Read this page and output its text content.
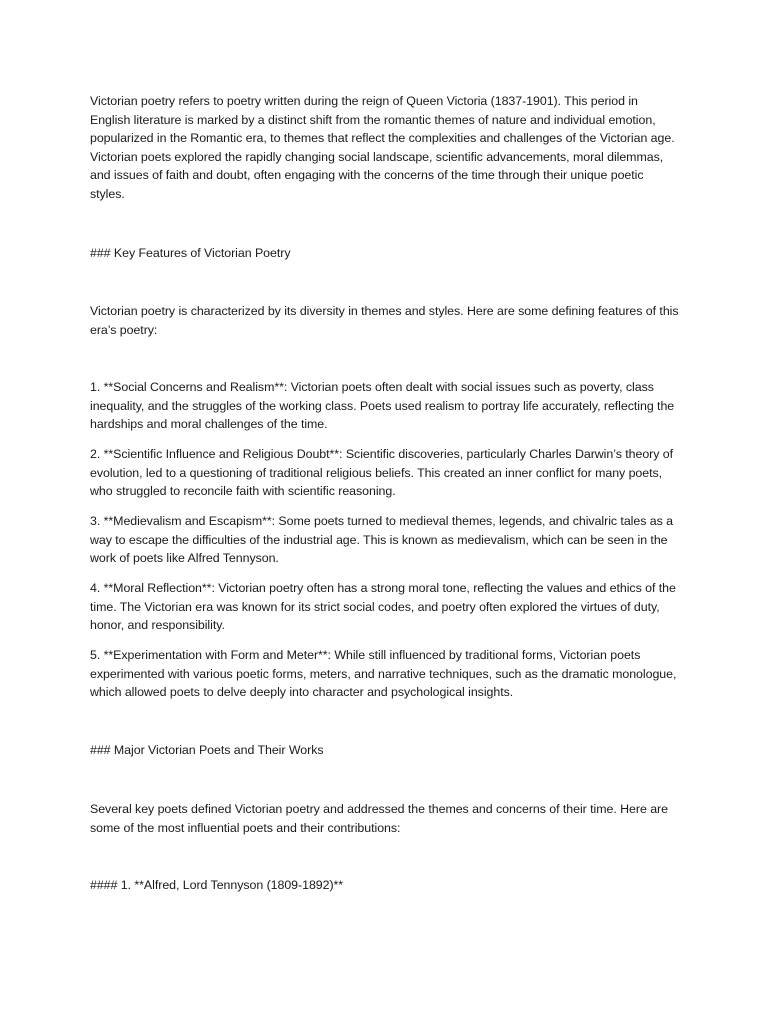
Victorian poetry refers to poetry written during the reign of Queen Victoria (1837-1901). This period in English literature is marked by a distinct shift from the romantic themes of nature and individual emotion, popularized in the Romantic era, to themes that reflect the complexities and challenges of the Victorian age. Victorian poets explored the rapidly changing social landscape, scientific advancements, moral dilemmas, and issues of faith and doubt, often engaging with the concerns of the time through their unique poetic styles.

### Key Features of Victorian Poetry

Victorian poetry is characterized by its diversity in themes and styles. Here are some defining features of this era’s poetry:

1. **Social Concerns and Realism**: Victorian poets often dealt with social issues such as poverty, class inequality, and the struggles of the working class. Poets used realism to portray life accurately, reflecting the hardships and moral challenges of the time.

2. **Scientific Influence and Religious Doubt**: Scientific discoveries, particularly Charles Darwin’s theory of evolution, led to a questioning of traditional religious beliefs. This created an inner conflict for many poets, who struggled to reconcile faith with scientific reasoning.

3. **Medievalism and Escapism**: Some poets turned to medieval themes, legends, and chivalric tales as a way to escape the difficulties of the industrial age. This is known as medievalism, which can be seen in the work of poets like Alfred Tennyson.

4. **Moral Reflection**: Victorian poetry often has a strong moral tone, reflecting the values and ethics of the time. The Victorian era was known for its strict social codes, and poetry often explored the virtues of duty, honor, and responsibility.

5. **Experimentation with Form and Meter**: While still influenced by traditional forms, Victorian poets experimented with various poetic forms, meters, and narrative techniques, such as the dramatic monologue, which allowed poets to delve deeply into character and psychological insights.

### Major Victorian Poets and Their Works

Several key poets defined Victorian poetry and addressed the themes and concerns of their time. Here are some of the most influential poets and their contributions:

#### 1. **Alfred, Lord Tennyson (1809-1892)**
